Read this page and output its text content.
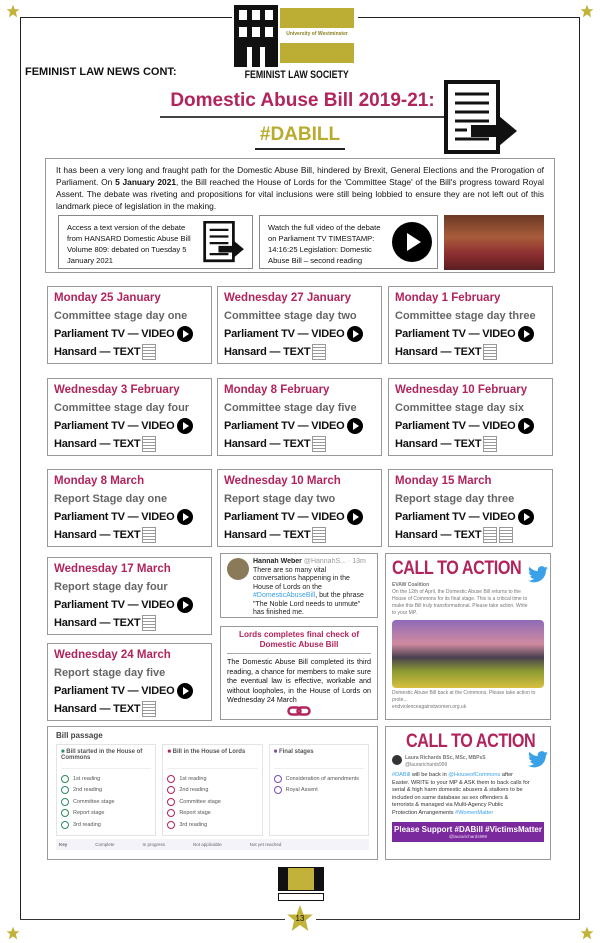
University of Westminster
FEMINIST LAW SOCIETY
FEMINIST LAW NEWS CONT:
Domestic Abuse Bill 2019-21:
#DABILL

It has been a very long and fraught path for the Domestic Abuse Bill, hindered by Brexit, General Elections and the Prorogation of Parliament. On 5 January 2021, the Bill reached the House of Lords for the 'Committee Stage' of the Bill's progress toward Royal Assent. The debate was riveting and propositions for vital inclusions were still being lobbied to ensure they are not left out of this landmark piece of legislation in the making.

Access a text version of the debate from HANSARD Domestic Abuse Bill Volume 809: debated on Tuesday 5 January 2021
Watch the full video of the debate on Parliament TV TIMESTAMP: 14:16:25 Legislation: Domestic Abuse Bill – second reading
Monday 25 January
Committee stage day one
Parliament TV — VIDEO
Hansard — TEXT
Wednesday 27 January
Committee stage day two
Parliament TV — VIDEO
Hansard — TEXT
Monday 1 February
Committee stage day three
Parliament TV — VIDEO
Hansard — TEXT
Wednesday 3 February
Committee stage day four
Parliament TV — VIDEO
Hansard — TEXT
Monday 8 February
Committee stage day five
Parliament TV — VIDEO
Hansard — TEXT
Wednesday 10 February
Committee stage day six
Parliament TV — VIDEO
Hansard — TEXT
Monday 8 March
Report Stage day one
Parliament TV — VIDEO
Hansard — TEXT
Wednesday 10 March
Report stage day two
Parliament TV — VIDEO
Hansard — TEXT
Monday 15 March
Report stage day three
Parliament TV — VIDEO
Hansard — TEXT
Wednesday 17 March
Report stage day four
Parliament TV — VIDEO
Hansard — TEXT
Wednesday 24 March
Report stage day five
Parliament TV — VIDEO
Hansard — TEXT
Hannah Weber @HannahS... · 13m
There are so many vital conversations happening in the House of Lords on the #DomesticAbuseBill, but the phrase "The Noble Lord needs to unmute" has finished me.
Lords completes final check of Domestic Abuse Bill
The Domestic Abuse Bill completed its third reading, a chance for members to make sure the eventual law is effective, workable and without loopholes, in the House of Lords on Wednesday 24 March
CALL TO ACTION
EVAW Coalition
On the 12th of April, the Domestic Abuse Bill returns to the House of Commons for its final stage. This is a critical time to make this Bill truly transformational. Please take action. Write to your MP.
Domestic Abuse Bill back at the Commons. Please take action to prote...
endviolenceagainstwomen.org.uk
Bill passage
■ Bill started in the House of Commons
1st reading
2nd reading
Committee stage
Report stage
3rd reading
■ Bill in the House of Lords
1st reading
2nd reading
Committee stage
Report stage
3rd reading
■ Final stages
Consideration of amendments
Royal Assent
Key	Complete	In progress	Not applicable	Not yet reached
CALL TO ACTION
Laura Richards BSc, MSc, MBPsS
@laurarichards999
#DABill will be back in @HouseofCommons after Easter. WRITE to your MP & ASK them to back calls for serial & high harm domestic abusers & stalkers to be included on same database as sex offenders & terrorists & managed via Multi-Agency Public Protection Arrangements #WomenMatter
Please Support #DABill #VictimsMatter
@laurarichards999
13
